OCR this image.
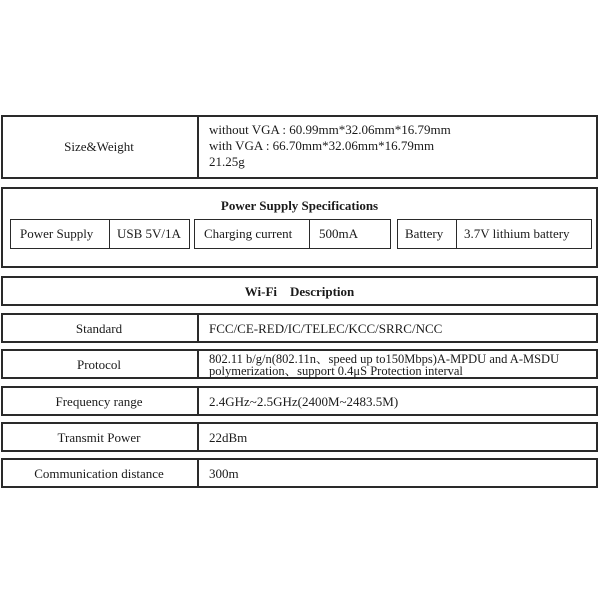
Size&Weight
without VGA : 60.99mm*32.06mm*16.79mm
with VGA : 66.70mm*32.06mm*16.79mm
21.25g
Power Supply Specifications
Power Supply USB 5V/1A Charging current 500mA	Battery 3.7V lithium battery
Wi-Fi    Description
Standard	FCC/CE-RED/IC/TELEC/KCC/SRRC/NCC
Protocol	802.11 b/g/n(802.11n、speed up to150Mbps)A-MPDU and A-MSDU
polymerization、support 0.4μS Protection interval
Frequency range	2.4GHz~2.5GHz(2400M~2483.5M)
Transmit Power	22dBm
Communication distance	300m
